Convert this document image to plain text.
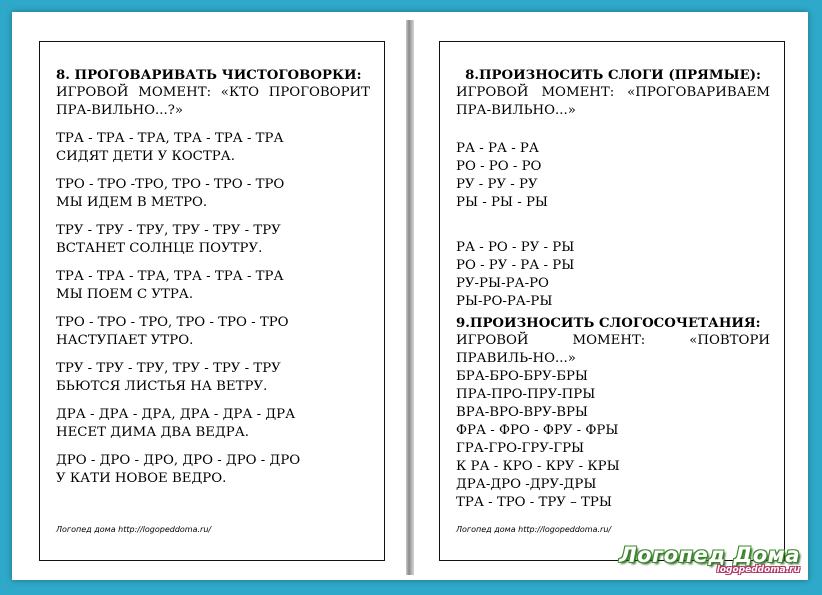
8. ПРОГОВАРИВАТЬ ЧИСТОГОВОРКИ:
ИГРОВОЙ МОМЕНТ: «КТО ПРОГОВОРИТ ПРА-ВИЛЬНО...?»
ТРА - ТРА - ТРА, ТРА - ТРА - ТРА
СИДЯТ ДЕТИ У КОСТРА.
ТРО - ТРО -ТРО, ТРО - ТРО - ТРО
МЫ ИДЕМ В МЕТРО.
ТРУ - ТРУ - ТРУ, ТРУ - ТРУ - ТРУ
ВСТАНЕТ СОЛНЦЕ ПОУТРУ.
ТРА - ТРА - ТРА, ТРА - ТРА - ТРА
МЫ ПОЕМ С УТРА.
ТРО - ТРО - ТРО, ТРО - ТРО - ТРО
НАСТУПАЕТ УТРО.
ТРУ - ТРУ - ТРУ, ТРУ - ТРУ - ТРУ
БЬЮТСЯ ЛИСТЬЯ НА ВЕТРУ.
ДРА - ДРА - ДРА, ДРА - ДРА - ДРА
НЕСЕТ ДИМА ДВА ВЕДРА.
ДРО - ДРО - ДРО, ДРО - ДРО - ДРО
У КАТИ НОВОЕ ВЕДРО.
Логопед дома http://logopeddoma.ru/
8.ПРОИЗНОСИТЬ СЛОГИ (ПРЯМЫЕ):
ИГРОВОЙ МОМЕНТ: «ПРОГОВАРИВАЕМ ПРА-ВИЛЬНО...»
РА - РА - РА
РО - РО - РО
РУ - РУ - РУ
РЫ - РЫ - РЫ
РА - РО - РУ - РЫ
РО - РУ - РА - РЫ
РУ-РЫ-РА-РО
РЫ-РО-РА-РЫ
9.ПРОИЗНОСИТЬ СЛОГОСОЧЕТАНИЯ:
ИГРОВОЙ МОМЕНТ: «ПОВТОРИ ПРАВИЛЬ-НО...»
БРА-БРО-БРУ-БРЫ
ПРА-ПРО-ПРУ-ПРЫ
ВРА-ВРО-ВРУ-ВРЫ
ФРА - ФРО - ФРУ - ФРЫ
ГРА-ГРО-ГРУ-ГРЫ
К РА - КРО - КРУ - КРЫ
ДРА-ДРО -ДРУ-ДРЫ
ТРА - ТРО - ТРУ – ТРЫ
Логопед дома http://logopeddoma.ru/
Логопед Дома
logopeddoma.ru
